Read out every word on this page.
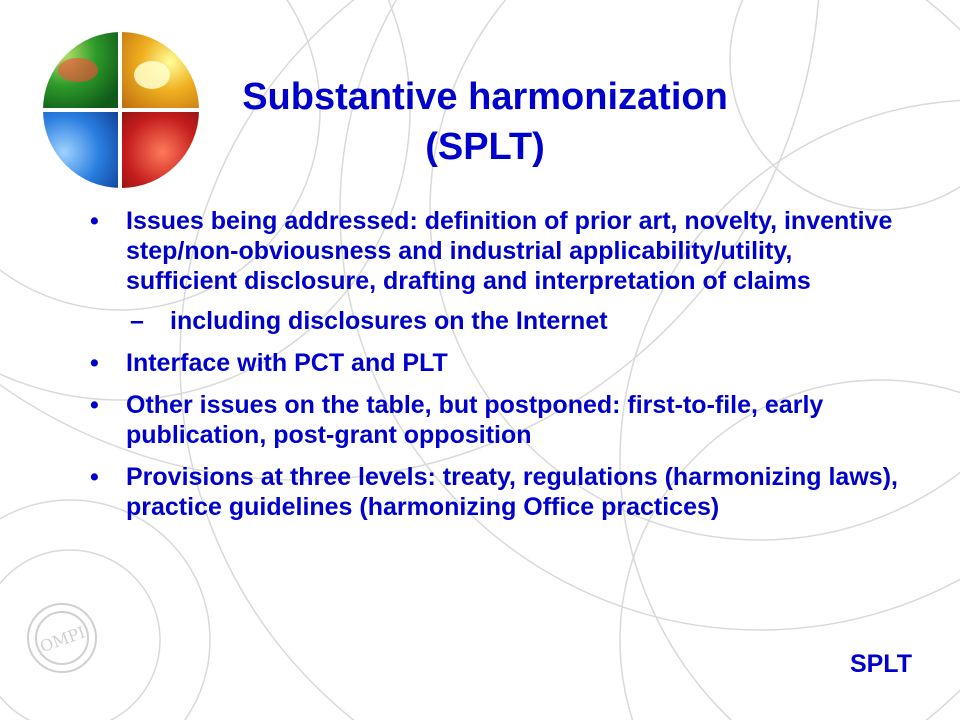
OMPI
Substantive harmonization
(SPLT)
• Issues being addressed: definition of prior art, novelty, inventive step/non-obviousness and industrial applicability/utility, sufficient disclosure, drafting and interpretation of claims
– including disclosures on the Internet
• Interface with PCT and PLT
• Other issues on the table, but postponed: first-to-file, early publication, post-grant opposition
• Provisions at three levels: treaty, regulations (harmonizing laws), practice guidelines (harmonizing Office practices)
SPLT
